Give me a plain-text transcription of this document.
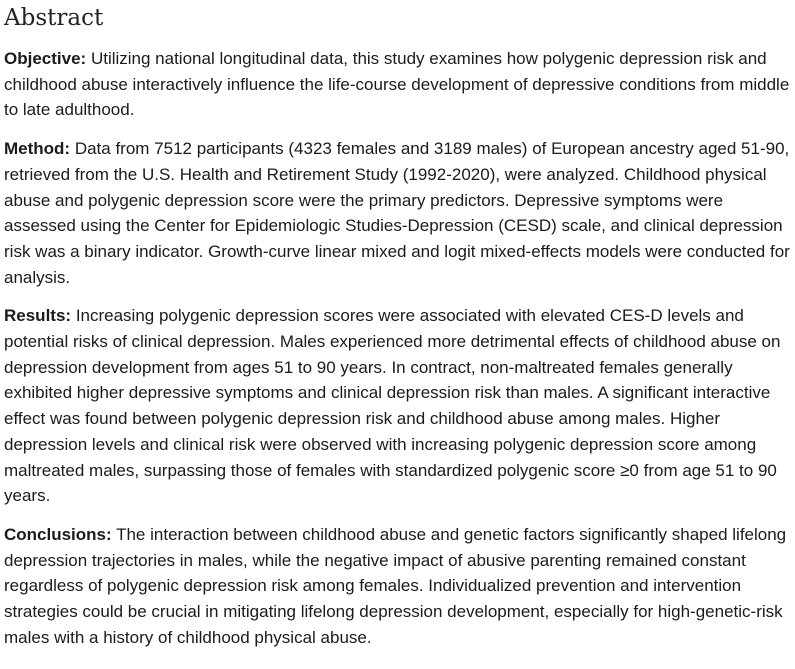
Abstract

Objective: Utilizing national longitudinal data, this study examines how polygenic depression risk and childhood abuse interactively influence the life-course development of depressive conditions from middle to late adulthood.

Method: Data from 7512 participants (4323 females and 3189 males) of European ancestry aged 51-90, retrieved from the U.S. Health and Retirement Study (1992-2020), were analyzed. Childhood physical abuse and polygenic depression score were the primary predictors. Depressive symptoms were assessed using the Center for Epidemiologic Studies-Depression (CESD) scale, and clinical depression risk was a binary indicator. Growth-curve linear mixed and logit mixed-effects models were conducted for analysis.

Results: Increasing polygenic depression scores were associated with elevated CES-D levels and potential risks of clinical depression. Males experienced more detrimental effects of childhood abuse on depression development from ages 51 to 90 years. In contract, non-maltreated females generally exhibited higher depressive symptoms and clinical depression risk than males. A significant interactive effect was found between polygenic depression risk and childhood abuse among males. Higher depression levels and clinical risk were observed with increasing polygenic depression score among maltreated males, surpassing those of females with standardized polygenic score ≥0 from age 51 to 90 years.

Conclusions: The interaction between childhood abuse and genetic factors significantly shaped lifelong depression trajectories in males, while the negative impact of abusive parenting remained constant regardless of polygenic depression risk among females. Individualized prevention and intervention strategies could be crucial in mitigating lifelong depression development, especially for high-genetic-risk males with a history of childhood physical abuse.
